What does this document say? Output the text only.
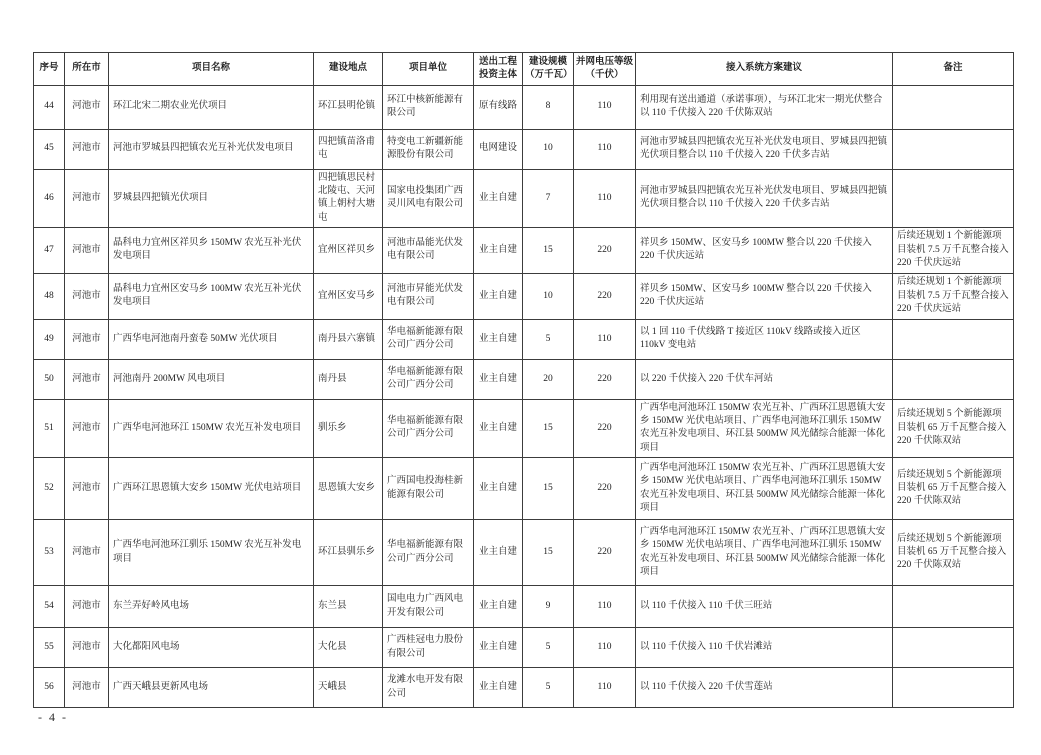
序号	所在市	项目名称	建设地点	项目单位	送出工程投资主体	建设规模（万千瓦）	并网电压等级（千伏）	接入系统方案建议	备注
44	河池市	环江北宋二期农业光伏项目	环江县明伦镇	环江中核新能源有限公司	原有线路	8	110	利用现有送出通道（承诺事项），与环江北宋一期光伏整合以 110 千伏接入 220 千伏陈双站	
45	河池市	河池市罗城县四把镇农光互补光伏发电项目	四把镇苗洛甫屯	特变电工新疆新能源股份有限公司	电网建设	10	110	河池市罗城县四把镇农光互补光伏发电项目、罗城县四把镇光伏项目整合以 110 千伏接入 220 千伏多吉站	
46	河池市	罗城县四把镇光伏项目	四把镇思民村北陵屯、天河镇上朝村大塘屯	国家电投集团广西灵川风电有限公司	业主自建	7	110	河池市罗城县四把镇农光互补光伏发电项目、罗城县四把镇光伏项目整合以 110 千伏接入 220 千伏多吉站	
47	河池市	晶科电力宜州区祥贝乡 150MW 农光互补光伏发电项目	宜州区祥贝乡	河池市晶能光伏发电有限公司	业主自建	15	220	祥贝乡 150MW、区安马乡 100MW 整合以 220 千伏接入 220 千伏庆远站	后续还规划 1 个新能源项目装机 7.5 万千瓦整合接入 220 千伏庆远站
48	河池市	晶科电力宜州区安马乡 100MW 农光互补光伏发电项目	宜州区安马乡	河池市昇能光伏发电有限公司	业主自建	10	220	祥贝乡 150MW、区安马乡 100MW 整合以 220 千伏接入 220 千伏庆远站	后续还规划 1 个新能源项目装机 7.5 万千瓦整合接入 220 千伏庆远站
49	河池市	广西华电河池南丹蛮卷 50MW 光伏项目	南丹县六寨镇	华电福新能源有限公司广西分公司	业主自建	5	110	以 1 回 110 千伏线路 T 接近区 110kV 线路或接入近区 110kV 变电站	
50	河池市	河池南丹 200MW 风电项目	南丹县	华电福新能源有限公司广西分公司	业主自建	20	220	以 220 千伏接入 220 千伏车河站	
51	河池市	广西华电河池环江 150MW 农光互补发电项目	驯乐乡	华电福新能源有限公司广西分公司	业主自建	15	220	广西华电河池环江 150MW 农光互补、广西环江思恩镇大安乡 150MW 光伏电站项目、广西华电河池环江驯乐 150MW 农光互补发电项目、环江县 500MW 风光储综合能源一体化项目	后续还规划 5 个新能源项目装机 65 万千瓦整合接入 220 千伏陈双站
52	河池市	广西环江思恩镇大安乡 150MW 光伏电站项目	思恩镇大安乡	广西国电投海桂新能源有限公司	业主自建	15	220	广西华电河池环江 150MW 农光互补、广西环江思恩镇大安乡 150MW 光伏电站项目、广西华电河池环江驯乐 150MW 农光互补发电项目、环江县 500MW 风光储综合能源一体化项目	后续还规划 5 个新能源项目装机 65 万千瓦整合接入 220 千伏陈双站
53	河池市	广西华电河池环江驯乐 150MW 农光互补发电项目	环江县驯乐乡	华电福新能源有限公司广西分公司	业主自建	15	220	广西华电河池环江 150MW 农光互补、广西环江思恩镇大安乡 150MW 光伏电站项目、广西华电河池环江驯乐 150MW 农光互补发电项目、环江县 500MW 风光储综合能源一体化项目	后续还规划 5 个新能源项目装机 65 万千瓦整合接入 220 千伏陈双站
54	河池市	东兰弄好岭风电场	东兰县	国电电力广西风电开发有限公司	业主自建	9	110	以 110 千伏接入 110 千伏三旺站	
55	河池市	大化都阳风电场	大化县	广西桂冠电力股份有限公司	业主自建	5	110	以 110 千伏接入 110 千伏岩滩站	
56	河池市	广西天峨县更新风电场	天峨县	龙滩水电开发有限公司	业主自建	5	110	以 110 千伏接入 220 千伏雪莲站	
- 4 -
